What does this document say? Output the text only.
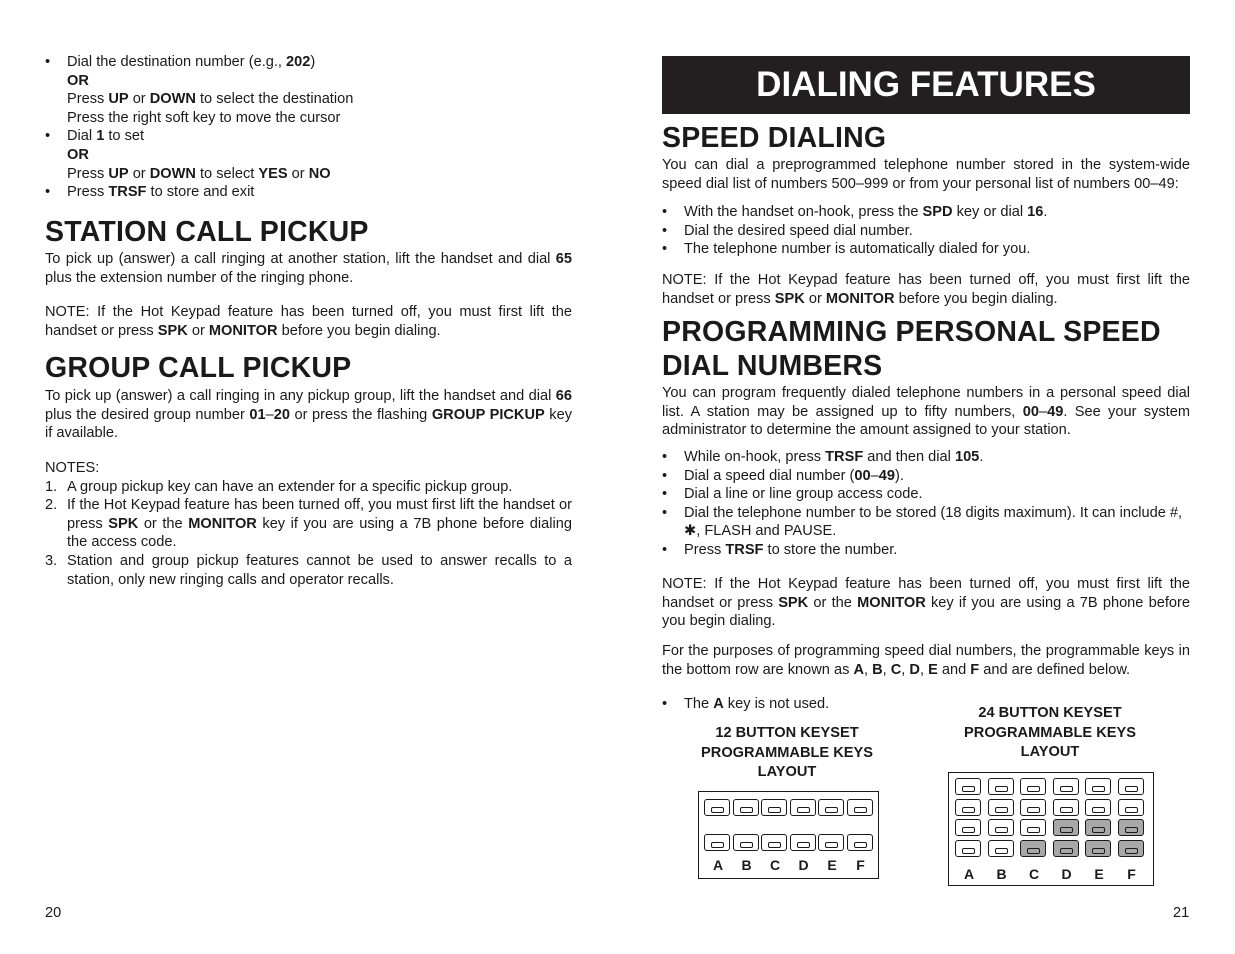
• Dial the destination number (e.g., 202)
OR
Press UP or DOWN to select the destination
Press the right soft key to move the cursor
• Dial 1 to set
OR
Press UP or DOWN to select YES or NO
• Press TRSF to store and exit
STATION CALL PICKUP
To pick up (answer) a call ringing at another station, lift the handset and dial 65 plus the extension number of the ringing phone.
NOTE: If the Hot Keypad feature has been turned off, you must first lift the handset or press SPK or MONITOR before you begin dialing.
GROUP CALL PICKUP
To pick up (answer) a call ringing in any pickup group, lift the handset and dial 66 plus the desired group number 01–20 or press the flashing GROUP PICKUP key if available.
NOTES:
1. A group pickup key can have an extender for a specific pickup group.
2. If the Hot Keypad feature has been turned off, you must first lift the handset or press SPK or the MONITOR key if you are using a 7B phone before dialing the access code.
3. Station and group pickup features cannot be used to answer recalls to a station, only new ringing calls and operator recalls.
20
DIALING FEATURES
SPEED DIALING
You can dial a preprogrammed telephone number stored in the system-wide speed dial list of numbers 500–999 or from your personal list of numbers 00–49:
• With the handset on-hook, press the SPD key or dial 16.
• Dial the desired speed dial number.
• The telephone number is automatically dialed for you.
NOTE: If the Hot Keypad feature has been turned off, you must first lift the handset or press SPK or MONITOR before you begin dialing.
PROGRAMMING PERSONAL SPEED
DIAL NUMBERS
You can program frequently dialed telephone numbers in a personal speed dial list. A station may be assigned up to fifty numbers, 00–49. See your system administrator to determine the amount assigned to your station.
• While on-hook, press TRSF and then dial 105.
• Dial a speed dial number (00–49).
• Dial a line or line group access code.
• Dial the telephone number to be stored (18 digits maximum). It can include #, ✱, FLASH and PAUSE.
• Press TRSF to store the number.
NOTE: If the Hot Keypad feature has been turned off, you must first lift the handset or press SPK or the MONITOR key if you are using a 7B phone before you begin dialing.
For the purposes of programming speed dial numbers, the programmable keys in the bottom row are known as A, B, C, D, E and F and are defined below.
• The A key is not used.
12 BUTTON KEYSET
PROGRAMMABLE KEYS
LAYOUT
A	B	C	D	E	F
24 BUTTON KEYSET
PROGRAMMABLE KEYS
LAYOUT
A	B	C	D	E	F
21
